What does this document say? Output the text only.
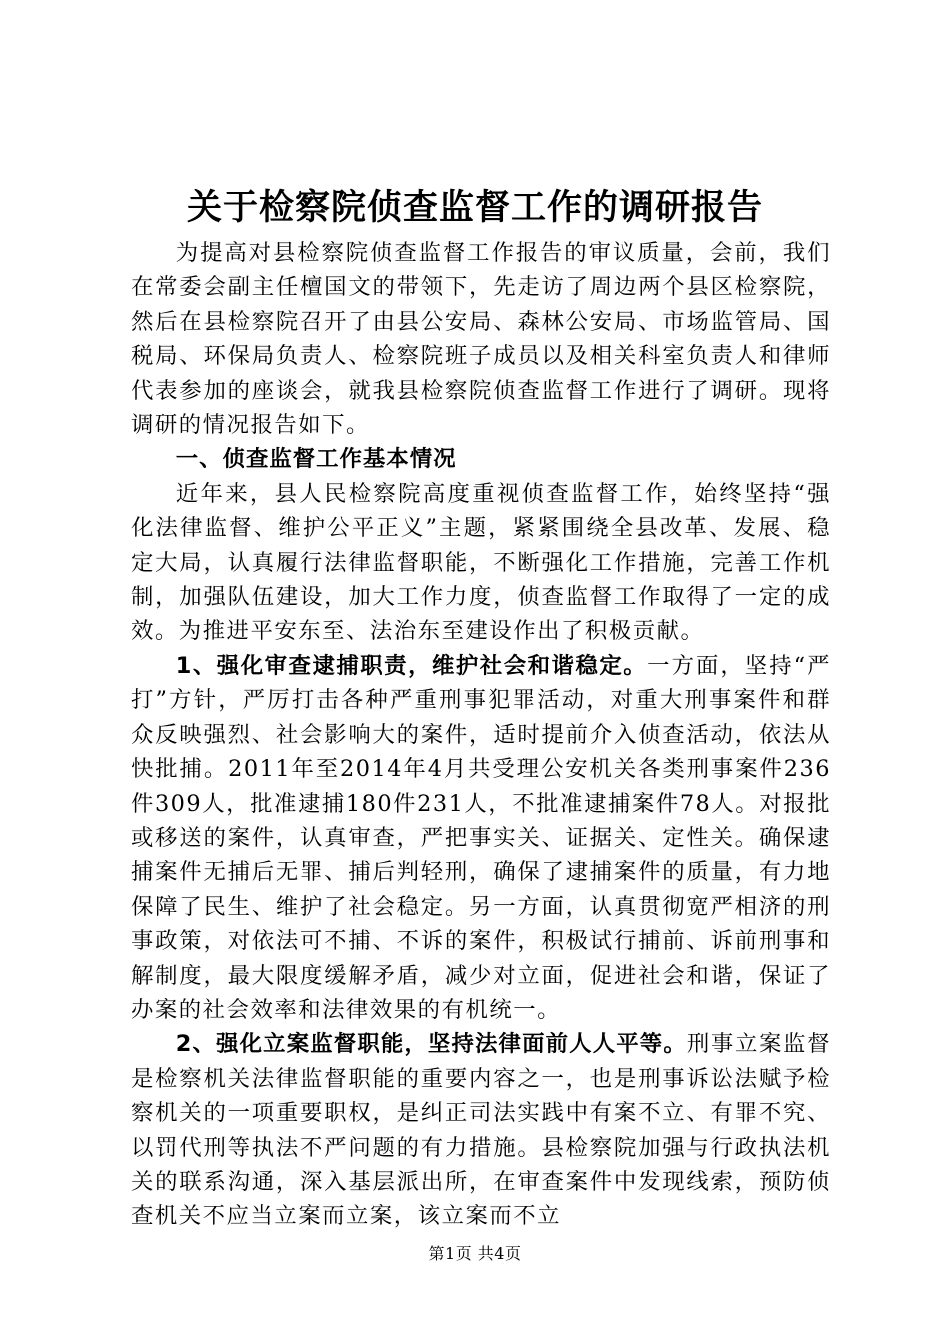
关于检察院侦查监督工作的调研报告

为提高对县检察院侦查监督工作报告的审议质量，会前，我们在常委会副主任檀国文的带领下，先走访了周边两个县区检察院，然后在县检察院召开了由县公安局、森林公安局、市场监管局、国税局、环保局负责人、检察院班子成员以及相关科室负责人和律师代表参加的座谈会，就我县检察院侦查监督工作进行了调研。现将调研的情况报告如下。

一、侦查监督工作基本情况

近年来，县人民检察院高度重视侦查监督工作，始终坚持“强化法律监督、维护公平正义”主题，紧紧围绕全县改革、发展、稳定大局，认真履行法律监督职能，不断强化工作措施，完善工作机制，加强队伍建设，加大工作力度，侦查监督工作取得了一定的成效。为推进平安东至、法治东至建设作出了积极贡献。

1、强化审查逮捕职责，维护社会和谐稳定。一方面，坚持“严打”方针，严厉打击各种严重刑事犯罪活动，对重大刑事案件和群众反映强烈、社会影响大的案件，适时提前介入侦查活动，依法从快批捕。2011年至2014年4月共受理公安机关各类刑事案件236件309人，批准逮捕180件231人，不批准逮捕案件78人。对报批或移送的案件，认真审查，严把事实关、证据关、定性关。确保逮捕案件无捕后无罪、捕后判轻刑，确保了逮捕案件的质量，有力地保障了民生、维护了社会稳定。另一方面，认真贯彻宽严相济的刑事政策，对依法可不捕、不诉的案件，积极试行捕前、诉前刑事和解制度，最大限度缓解矛盾，减少对立面，促进社会和谐，保证了办案的社会效率和法律效果的有机统一。

2、强化立案监督职能，坚持法律面前人人平等。刑事立案监督是检察机关法律监督职能的重要内容之一，也是刑事诉讼法赋予检察机关的一项重要职权，是纠正司法实践中有案不立、有罪不究、以罚代刑等执法不严问题的有力措施。县检察院加强与行政执法机关的联系沟通，深入基层派出所，在审查案件中发现线索，预防侦查机关不应当立案而立案，该立案而不立

第1页 共4页
